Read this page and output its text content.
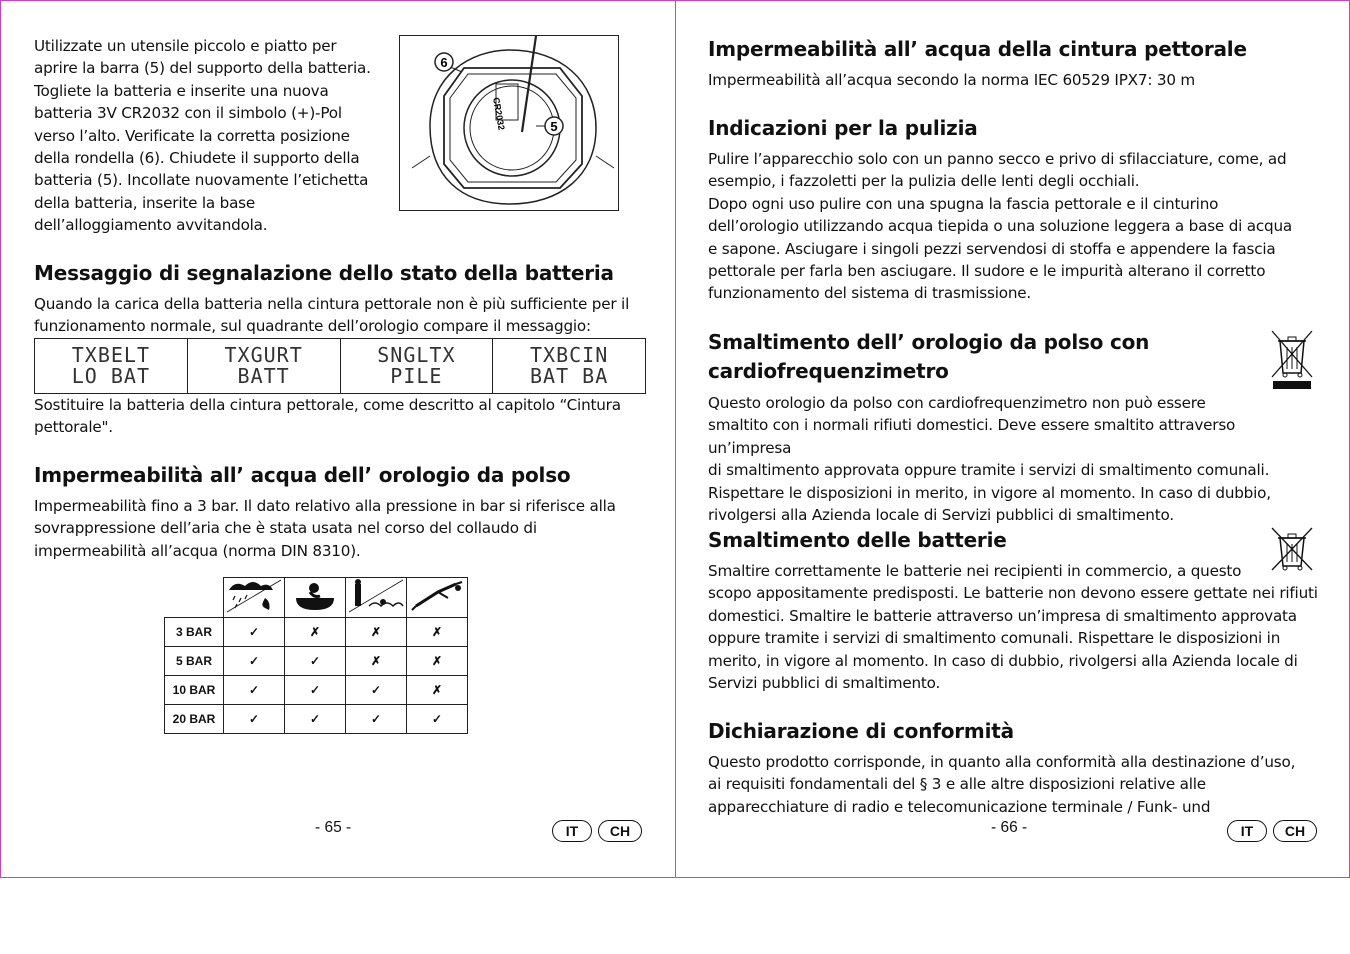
Utilizzate un utensile piccolo e piatto per
aprire la barra (5) del supporto della batteria.
Togliete la batteria e inserite una nuova
batteria 3V CR2032 con il simbolo (+)-Pol
verso l’alto. Verificate la corretta posizione
della rondella (6). Chiudete il supporto della
batteria (5). Incollate nuovamente l’etichetta
della batteria, inserite la base
dell’alloggiamento avvitandola.

6
5
CR2032
Messaggio di segnalazione dello stato della batteria

Quando la carica della batteria nella cintura pettorale non è più sufficiente per il
funzionamento normale, sul quadrante dell’orologio compare il messaggio:

TXBELT
LO BAT

TXGURT
BATT

SNGLTX
PILE

TXBCIN
BAT BA

Sostituire la batteria della cintura pettorale, come descritto al capitolo “Cintura
pettorale".

Impermeabilità all’ acqua dell’ orologio da polso

Impermeabilità fino a 3 bar. Il dato relativo alla pressione in bar si riferisce alla
sovrappressione dell’aria che è stata usata nel corso del collaudo di
impermeabilità all’acqua (norma DIN 8310).

3 BAR	✓	✗	✗	✗
5 BAR	✓	✓	✗	✗
10 BAR	✓	✓	✓	✗
20 BAR	✓	✓	✓	✓
- 65 -	IT	CH
Impermeabilità all’ acqua della cintura pettorale

Impermeabilità all’acqua secondo la norma IEC 60529 IPX7: 30 m

Indicazioni per la pulizia

Pulire l’apparecchio solo con un panno secco e privo di sfilacciature, come, ad
esempio, i fazzoletti per la pulizia delle lenti degli occhiali.
Dopo ogni uso pulire con una spugna la fascia pettorale e il cinturino
dell’orologio utilizzando acqua tiepida o una soluzione leggera a base di acqua
e sapone. Asciugare i singoli pezzi servendosi di stoffa e appendere la fascia
pettorale per farla ben asciugare. Il sudore e le impurità alterano il corretto
funzionamento del sistema di trasmissione.

Smaltimento dell’ orologio da polso con
cardiofrequenzimetro

Questo orologio da polso con cardiofrequenzimetro non può essere
smaltito con i normali rifiuti domestici. Deve essere smaltito attraverso un’impresa
di smaltimento approvata oppure tramite i servizi di smaltimento comunali.
Rispettare le disposizioni in merito, in vigore al momento. In caso di dubbio,
rivolgersi alla Azienda locale di Servizi pubblici di smaltimento.

Smaltimento delle batterie

Smaltire correttamente le batterie nei recipienti in commercio, a questo
scopo appositamente predisposti. Le batterie non devono essere gettate nei rifiuti
domestici. Smaltire le batterie attraverso un’impresa di smaltimento approvata
oppure tramite i servizi di smaltimento comunali. Rispettare le disposizioni in
merito, in vigore al momento. In caso di dubbio, rivolgersi alla Azienda locale di
Servizi pubblici di smaltimento.

Dichiarazione di conformità

Questo prodotto corrisponde, in quanto alla conformità alla destinazione d’uso,
ai requisiti fondamentali del § 3 e alle altre disposizioni relative alle
apparecchiature di radio e telecomunicazione terminale / Funk- und

- 66 -	IT	CH
